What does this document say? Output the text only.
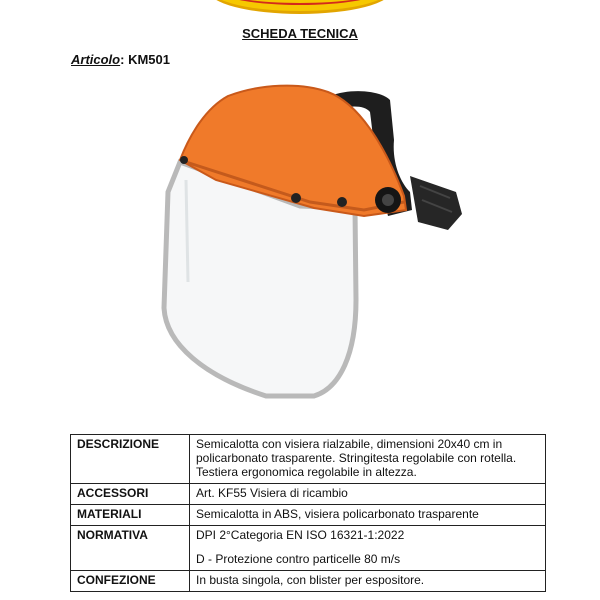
SCHEDA TECNICA
Articolo: KM501
DESCRIZIONE	Semicalotta con visiera rialzabile, dimensioni 20x40 cm in
policarbonato trasparente. Stringitesta regolabile con rotella.
Testiera ergonomica regolabile in altezza.
ACCESSORI	Art. KF55 Visiera di ricambio
MATERIALI	Semicalotta in ABS, visiera policarbonato trasparente
NORMATIVA	DPI 2°Categoria EN ISO 16321-1:2022
D - Protezione contro particelle 80 m/s
CONFEZIONE	In busta singola, con blister per espositore.
